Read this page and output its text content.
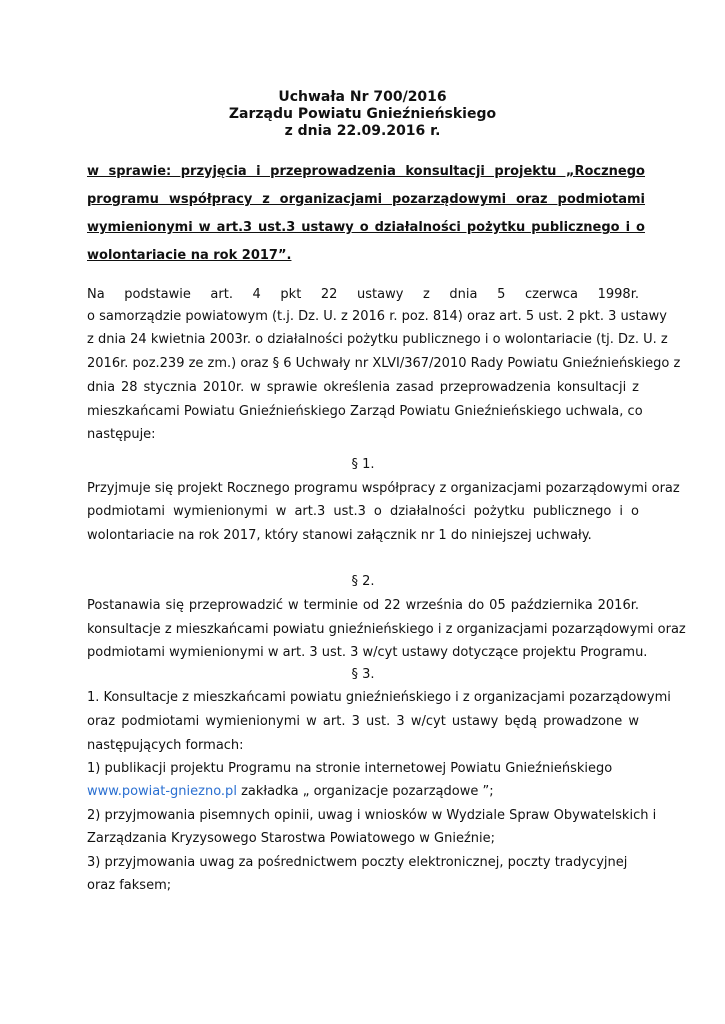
Uchwała Nr 700/2016
Zarządu Powiatu Gnieźnieńskiego
z dnia 22.09.2016 r.
w sprawie: przyjęcia i przeprowadzenia konsultacji projektu „Rocznego programu współpracy z organizacjami pozarządowymi oraz podmiotami wymienionymi w art.3 ust.3 ustawy o działalności pożytku publicznego i o wolontariacie na rok 2017”.
Na podstawie art. 4 pkt 22 ustawy z dnia 5 czerwca 1998r.
o samorządzie powiatowym (t.j. Dz. U. z 2016 r. poz. 814) oraz art. 5 ust. 2 pkt. 3 ustawy
z dnia 24 kwietnia 2003r. o działalności pożytku publicznego i o wolontariacie (tj. Dz. U. z
2016r. poz.239 ze zm.) oraz § 6 Uchwały nr XLVI/367/2010 Rady Powiatu Gnieźnieńskiego z
dnia 28 stycznia 2010r. w sprawie określenia zasad przeprowadzenia konsultacji z
mieszkańcami Powiatu Gnieźnieńskiego Zarząd Powiatu Gnieźnieńskiego uchwala, co
następuje:
§ 1.
Przyjmuje się projekt Rocznego programu współpracy z organizacjami pozarządowymi oraz
podmiotami wymienionymi w art.3 ust.3 o działalności pożytku publicznego i o
wolontariacie na rok 2017, który stanowi załącznik nr 1 do niniejszej uchwały.
§ 2.
Postanawia się przeprowadzić w terminie od 22 września do 05 października 2016r.
konsultacje z mieszkańcami powiatu gnieźnieńskiego i z organizacjami pozarządowymi oraz
podmiotami wymienionymi w art. 3 ust. 3 w/cyt ustawy dotyczące projektu Programu.
§ 3.
1. Konsultacje z mieszkańcami powiatu gnieźnieńskiego i z organizacjami pozarządowymi
oraz podmiotami wymienionymi w art. 3 ust. 3 w/cyt ustawy będą prowadzone w
następujących formach:
1) publikacji projektu Programu na stronie internetowej Powiatu Gnieźnieńskiego
www.powiat-gniezno.pl zakładka „ organizacje pozarządowe ”;
2) przyjmowania pisemnych opinii, uwag i wniosków w Wydziale Spraw Obywatelskich i
Zarządzania Kryzysowego Starostwa Powiatowego w Gnieźnie;
3) przyjmowania uwag za pośrednictwem poczty elektronicznej, poczty tradycyjnej
oraz faksem;
